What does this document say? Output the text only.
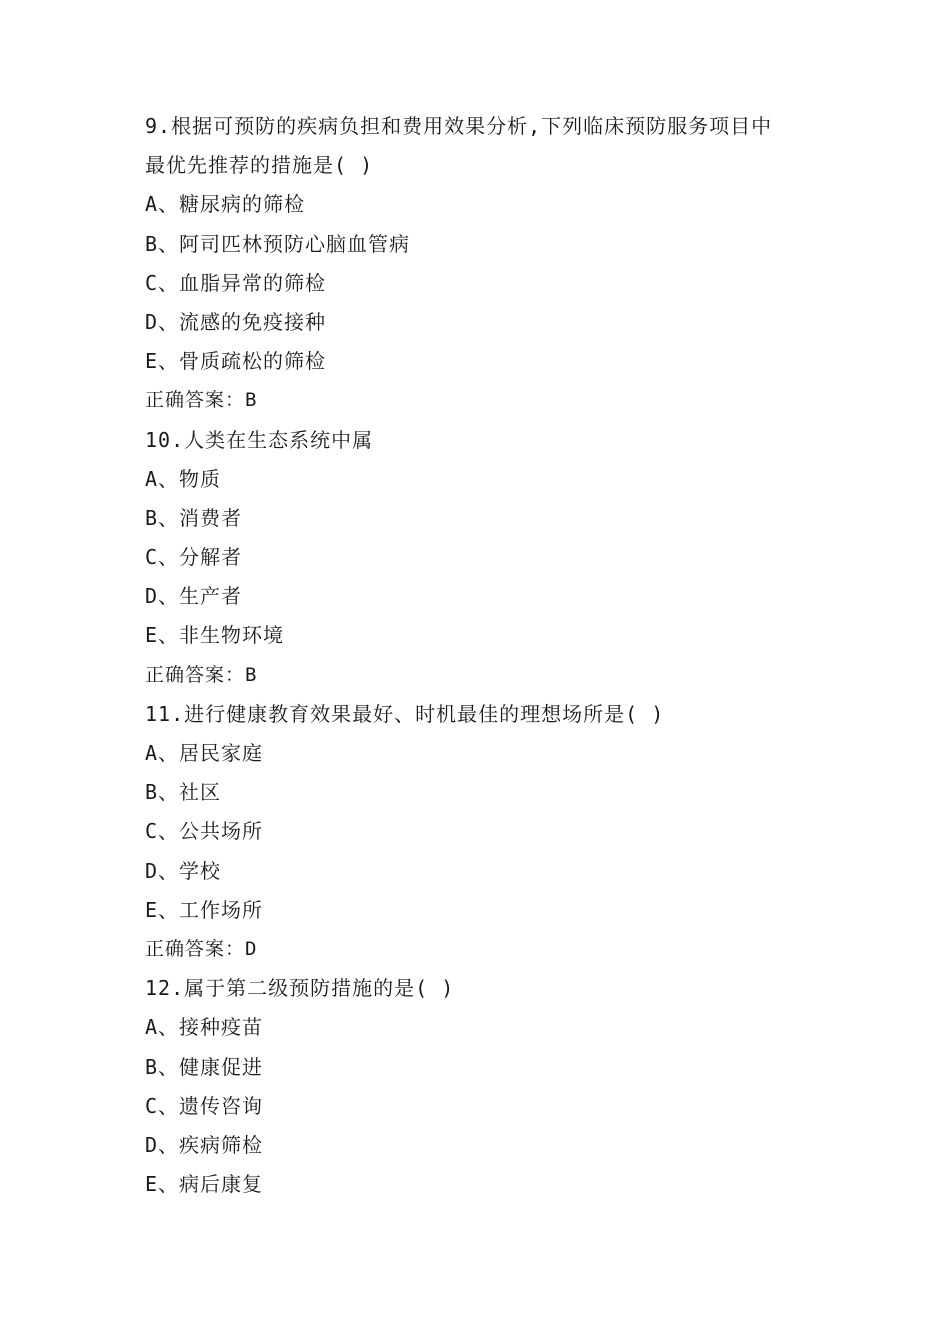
9.根据可预防的疾病负担和费用效果分析,下列临床预防服务项目中
最优先推荐的措施是( )
A、糖尿病的筛检
B、阿司匹林预防心脑血管病
C、血脂异常的筛检
D、流感的免疫接种
E、骨质疏松的筛检
正确答案：B
10.人类在生态系统中属
A、物质
B、消费者
C、分解者
D、生产者
E、非生物环境
正确答案：B
11.进行健康教育效果最好、时机最佳的理想场所是( )
A、居民家庭
B、社区
C、公共场所
D、学校
E、工作场所
正确答案：D
12.属于第二级预防措施的是( )
A、接种疫苗
B、健康促进
C、遗传咨询
D、疾病筛检
E、病后康复
